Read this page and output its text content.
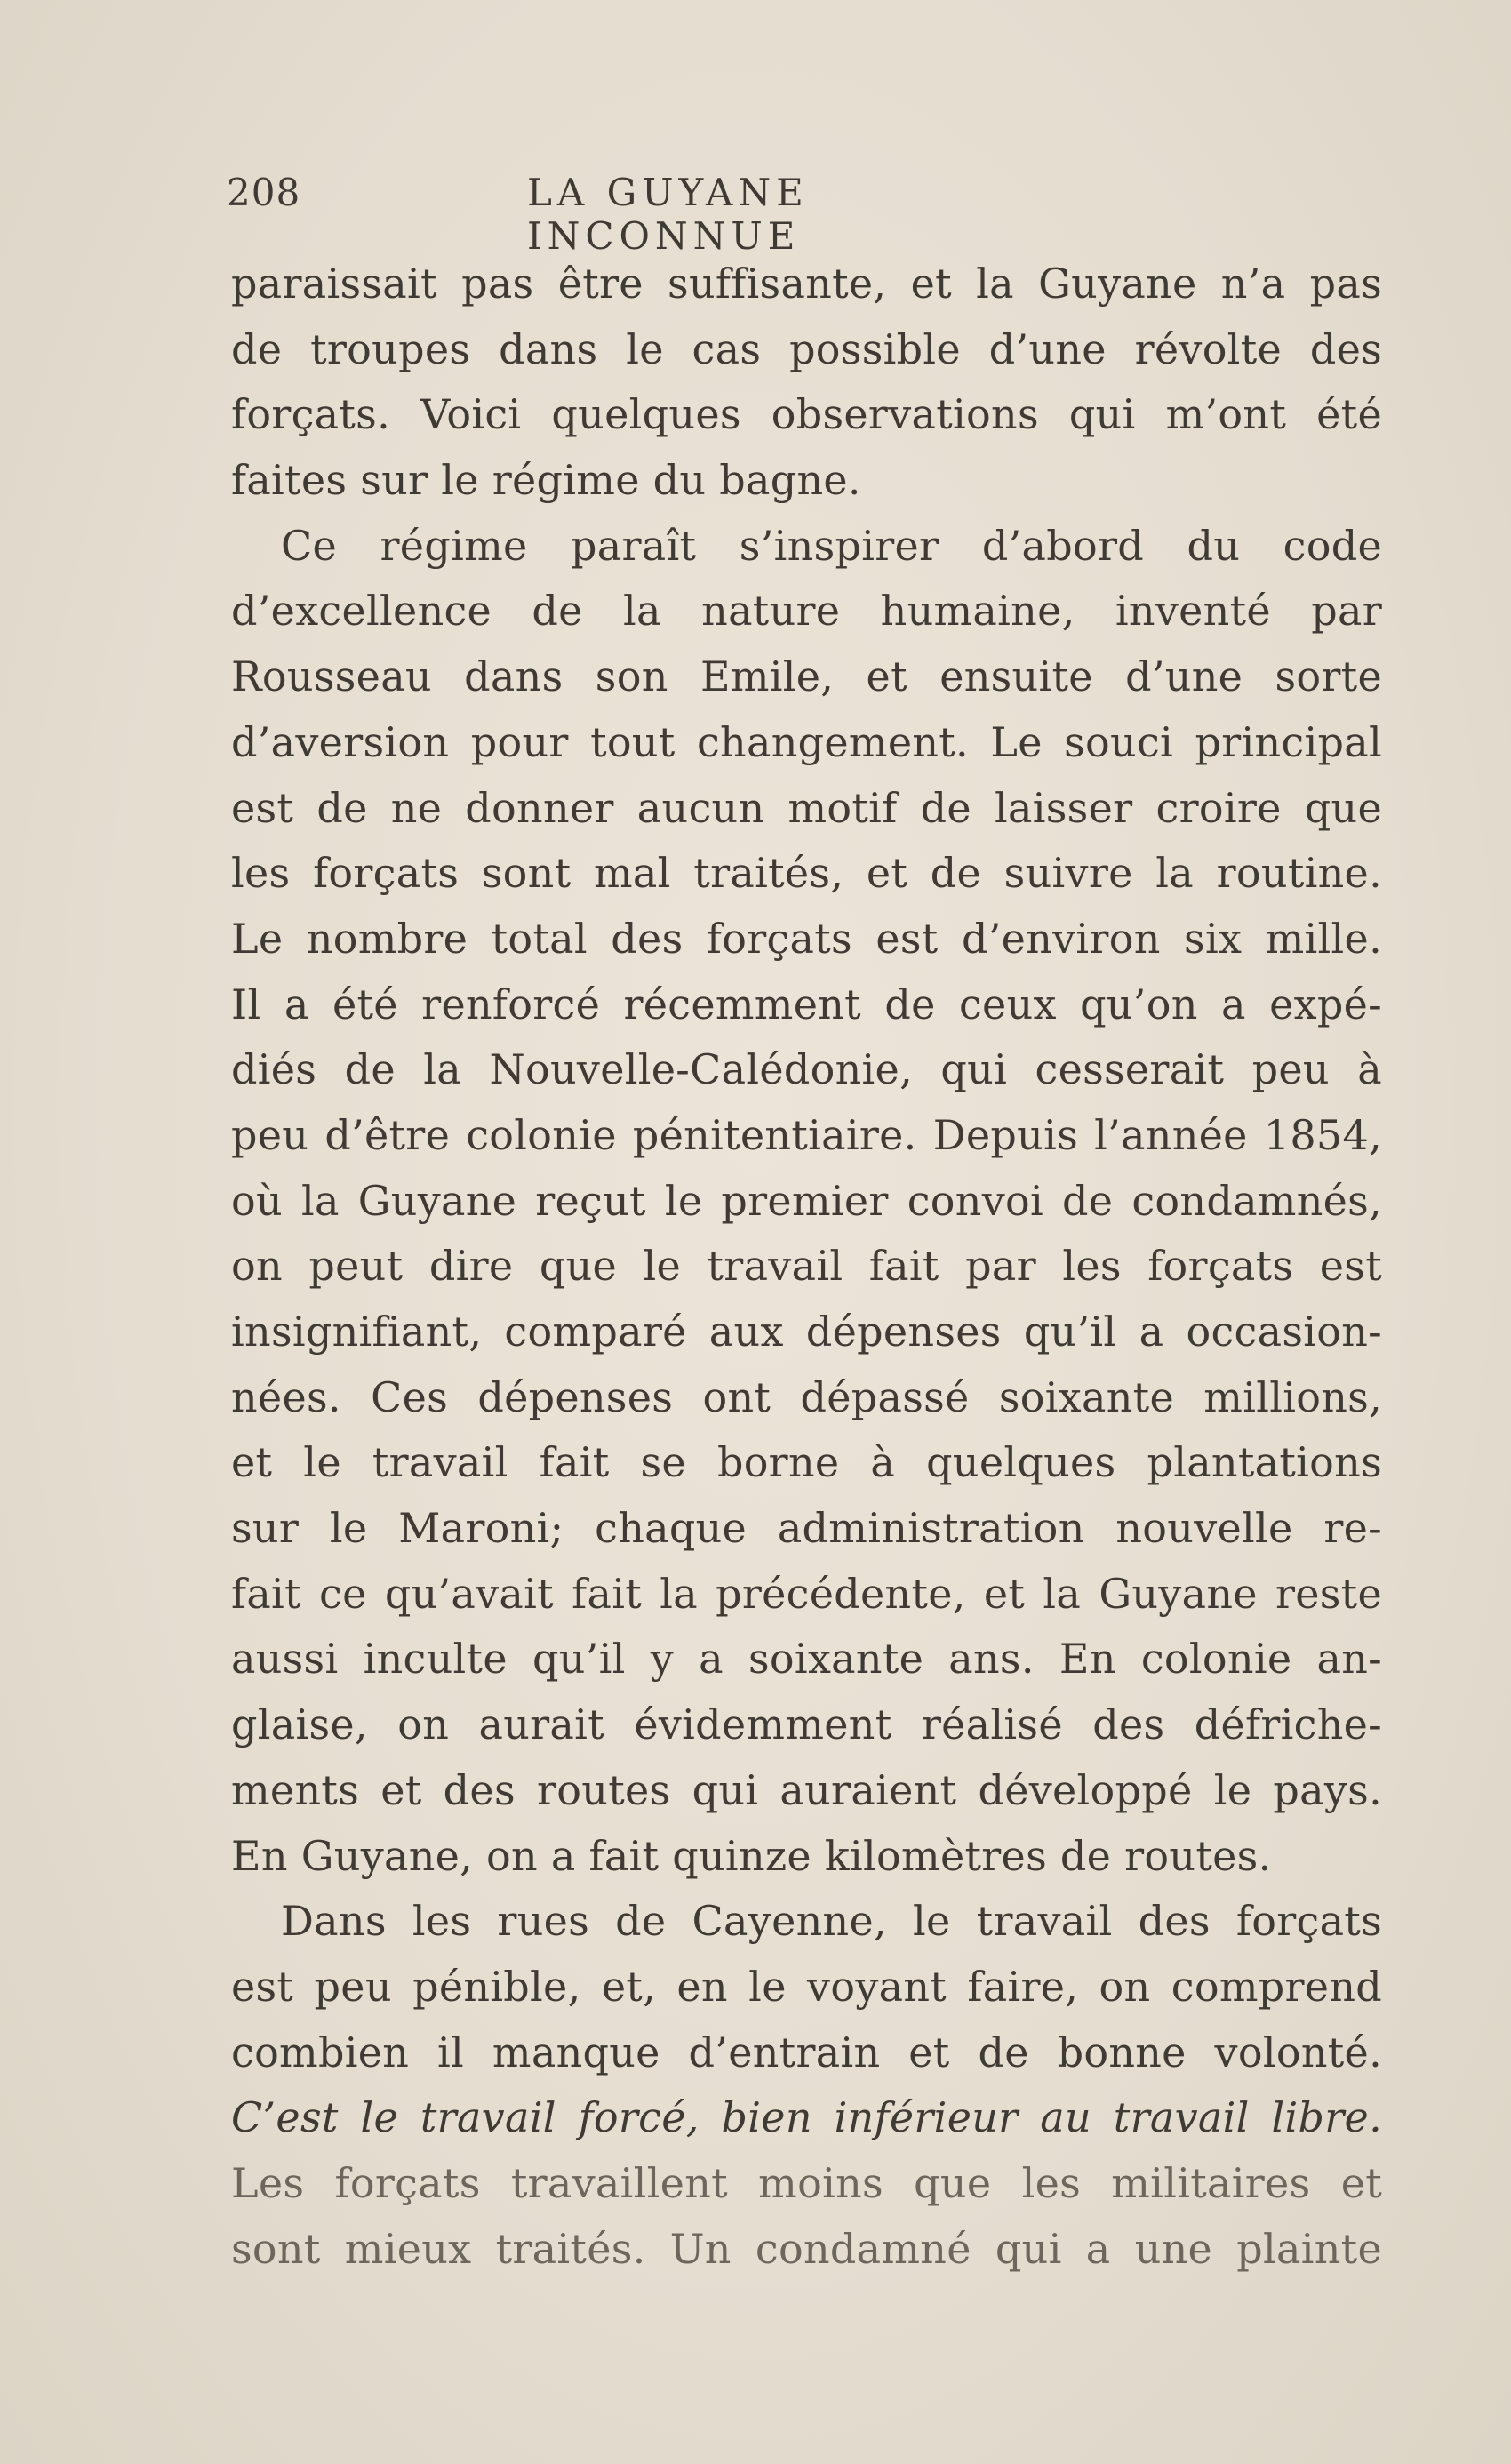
208	LA GUYANE INCONNUE
paraissait pas être suffisante, et la Guyane n’a pas
de troupes dans le cas possible d’une révolte des
forçats. Voici quelques observations qui m’ont été
faites sur le régime du bagne.
Ce régime paraît s’inspirer d’abord du code
d’excellence de la nature humaine, inventé par
Rousseau dans son Emile, et ensuite d’une sorte
d’aversion pour tout changement. Le souci principal
est de ne donner aucun motif de laisser croire que
les forçats sont mal traités, et de suivre la routine.
Le nombre total des forçats est d’environ six mille.
Il a été renforcé récemment de ceux qu’on a expé-
diés de la Nouvelle-Calédonie, qui cesserait peu à
peu d’être colonie pénitentiaire. Depuis l’année 1854,
où la Guyane reçut le premier convoi de condamnés,
on peut dire que le travail fait par les forçats est
insignifiant, comparé aux dépenses qu’il a occasion-
nées. Ces dépenses ont dépassé soixante millions,
et le travail fait se borne à quelques plantations
sur le Maroni; chaque administration nouvelle re-
fait ce qu’avait fait la précédente, et la Guyane reste
aussi inculte qu’il y a soixante ans. En colonie an-
glaise, on aurait évidemment réalisé des défriche-
ments et des routes qui auraient développé le pays.
En Guyane, on a fait quinze kilomètres de routes.
Dans les rues de Cayenne, le travail des forçats
est peu pénible, et, en le voyant faire, on comprend
combien il manque d’entrain et de bonne volonté.
C’est le travail forcé, bien inférieur au travail libre.
Les forçats travaillent moins que les militaires et
sont mieux traités. Un condamné qui a une plainte
